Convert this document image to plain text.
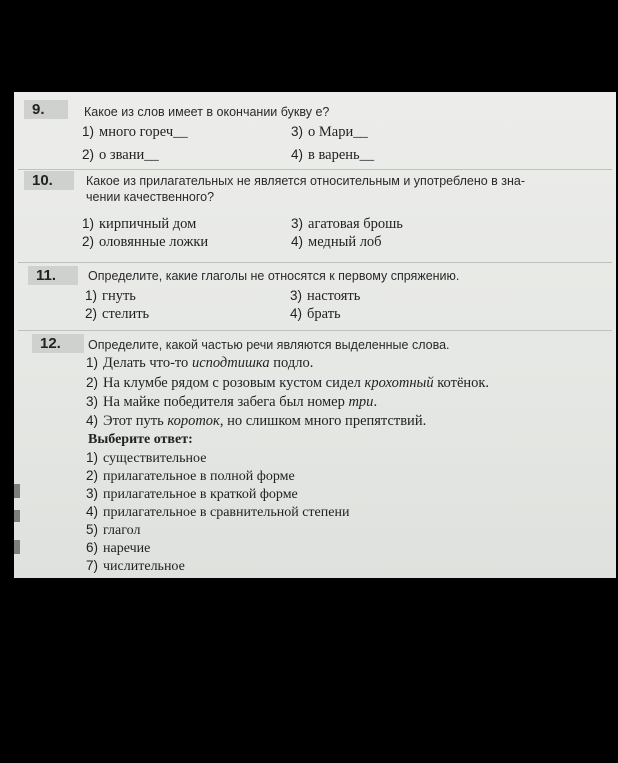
9.	Какое из слов имеет в окончании букву е?
1) много гореч__	3) о Мари__
2) о звани__	4) в варень__
10.	Какое из прилагательных не является относительным и употреблено в зна-
чении качественного?
1) кирпичный дом	3) агатовая брошь
2) оловянные ложки	4) медный лоб
11.	Определите, какие глаголы не относятся к первому спряжению.
1) гнуть	3) настоять
2) стелить	4) брать
12.	Определите, какой частью речи являются выделенные слова.
1) Делать что-то исподтишка подло.
2) На клумбе рядом с розовым кустом сидел крохотный котёнок.
3) На майке победителя забега был номер три.
4) Этот путь короток, но слишком много препятствий.
Выберите ответ:
1) существительное
2) прилагательное в полной форме
3) прилагательное в краткой форме
4) прилагательное в сравнительной степени
5) глагол
6) наречие
7) числительное
